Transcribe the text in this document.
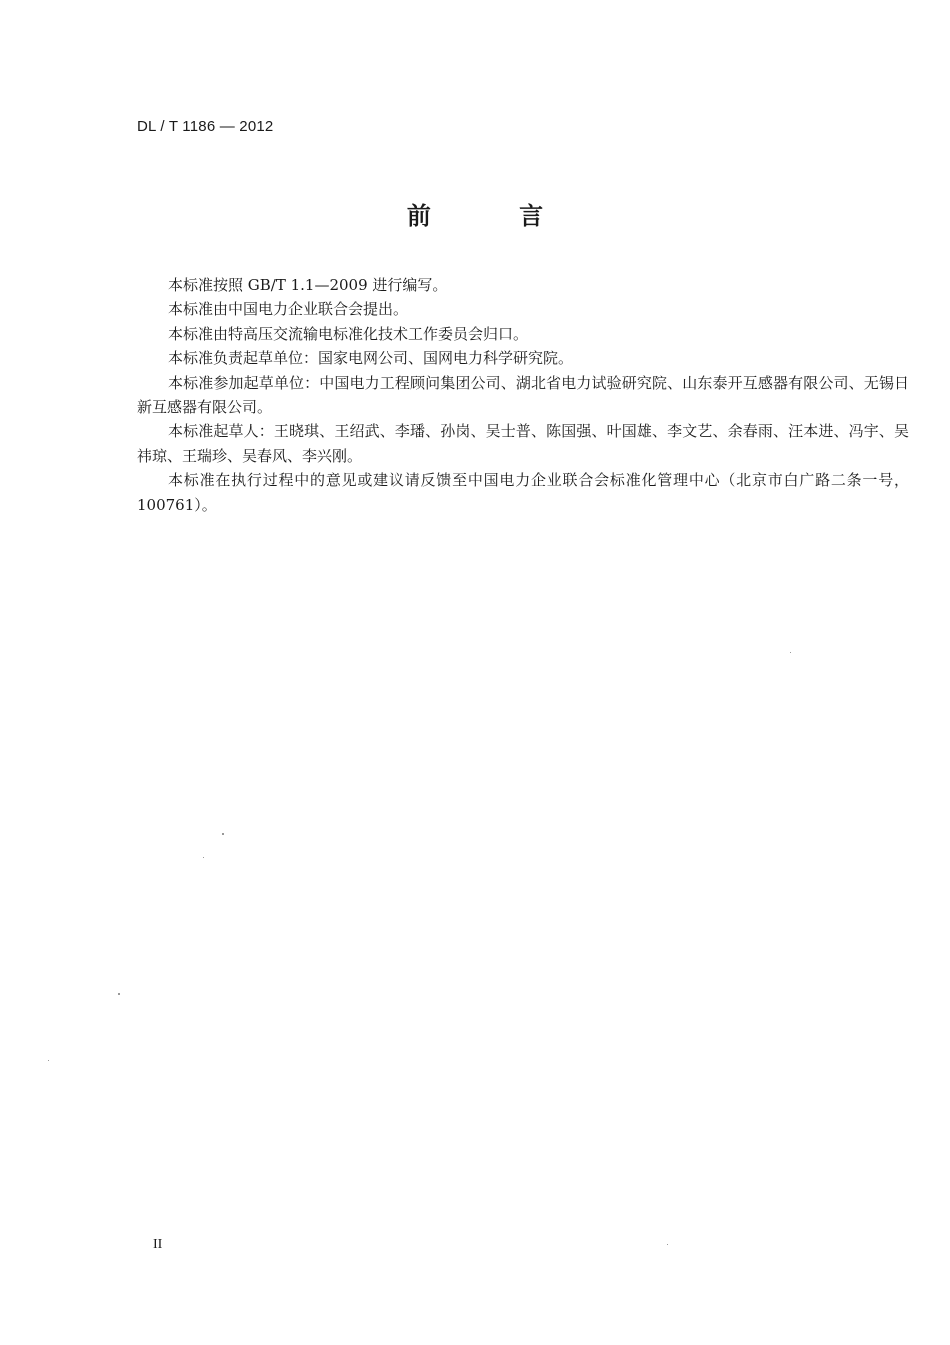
DL / T 1186 — 2012
前 言

本标准按照 GB/T 1.1—2009 进行编写。

本标准由中国电力企业联合会提出。

本标准由特高压交流输电标准化技术工作委员会归口。

本标准负责起草单位：国家电网公司、国网电力科学研究院。

本标准参加起草单位：中国电力工程顾问集团公司、湖北省电力试验研究院、山东泰开互感器有限公司、无锡日新互感器有限公司。

本标准起草人：王晓琪、王绍武、李璠、孙岗、吴士普、陈国强、叶国雄、李文艺、余春雨、汪本进、冯宇、吴祎琼、王瑞珍、吴春风、李兴刚。

本标准在执行过程中的意见或建议请反馈至中国电力企业联合会标准化管理中心（北京市白广路二条一号，100761）。

II
